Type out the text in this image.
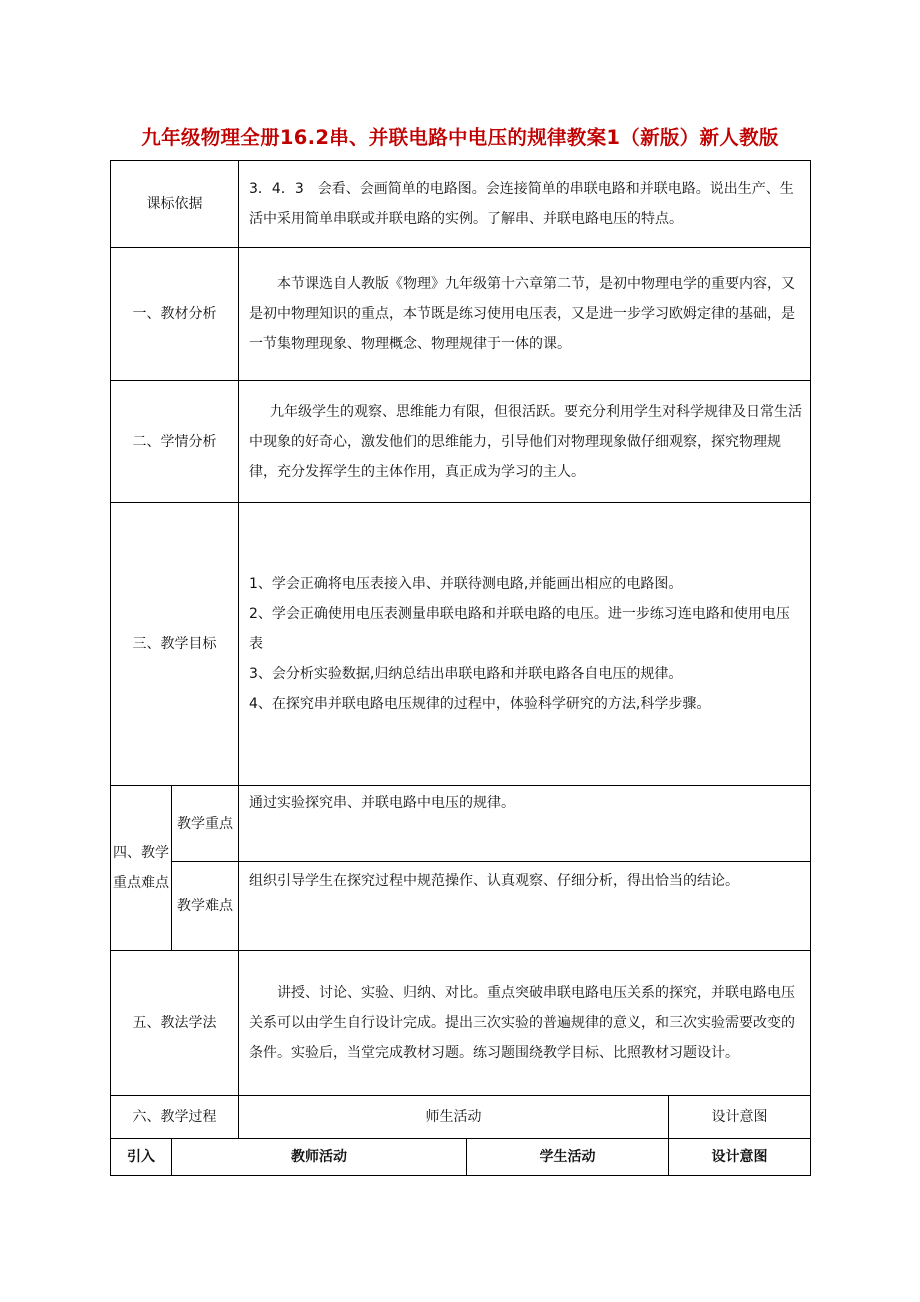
九年级物理全册16.2串、并联电路中电压的规律教案1（新版）新人教版
课标依据		3．4．3　会看、会画简单的电路图。会连接简单的串联电路和并联电路。说出生产、生活中采用简单串联或并联电路的实例。了解串、并联电路电压的特点。		

一、教材分析		本节课选自人教版《物理》九年级第十六章第二节，是初中物理电学的重要内容，又是初中物理知识的重点，本节既是练习使用电压表，又是进一步学习欧姆定律的基础，是一节集物理现象、物理概念、物理规律于一体的课。		

二、学情分析		九年级学生的观察、思维能力有限，但很活跃。要充分利用学生对科学规律及日常生活中现象的好奇心，激发他们的思维能力，引导他们对物理现象做仔细观察，探究物理规律，充分发挥学生的主体作用，真正成为学习的主人。		

三、教学目标		1、学会正确将电压表接入串、并联待测电路,并能画出相应的电路图。

2、学会正确使用电压表测量串联电路和并联电路的电压。进一步练习连电路和使用电压表

3、会分析实验数据,归纳总结出串联电路和并联电路各自电压的规律。

4、在探究串并联电路电压规律的过程中，体验科学研究的方法,科学步骤。		

四、教学重点难点	教学重点	通过实验探究串、并联电路中电压的规律。		

	教学难点	组织引导学生在探究过程中规范操作、认真观察、仔细分析，得出恰当的结论。		

五、教法学法		讲授、讨论、实验、归纳、对比。重点突破串联电路电压关系的探究，并联电路电压关系可以由学生自行设计完成。提出三次实验的普遍规律的意义，和三次实验需要改变的条件。实验后，当堂完成教材习题。练习题围绕教学目标、比照教材习题设计。		

六、教学过程		师生活动		设计意图
引入	教师活动		学生活动	设计意图
